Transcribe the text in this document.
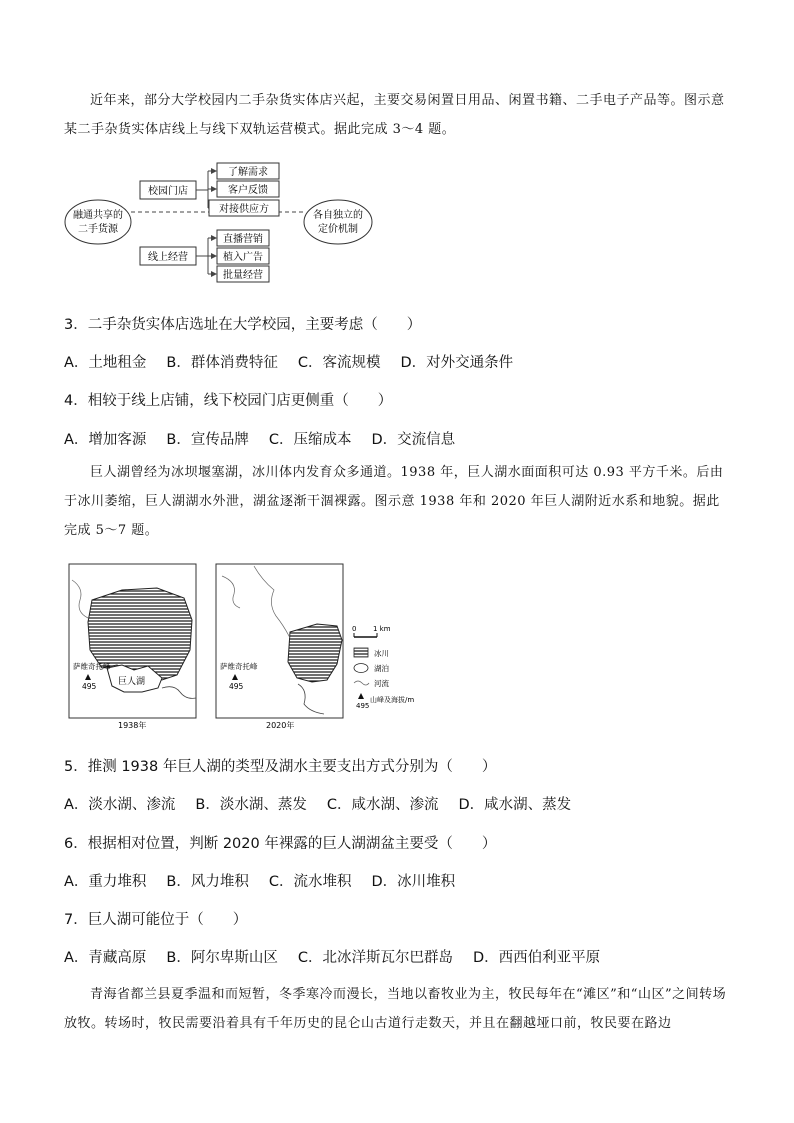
近年来，部分大学校园内二手杂货实体店兴起，主要交易闲置日用品、闲置书籍、二手电子产品等。图示意某二手杂货实体店线上与线下双轨运营模式。据此完成 3～4 题。

融通共享的
二手货源
各自独立的
定价机制
校园门店
了解需求
客户反馈
对接供应方
线上经营
直播营销
植入广告
批量经营

3．二手杂货实体店选址在大学校园，主要考虑（　　）

A．土地租金 B．群体消费特征 C．客流规模 D．对外交通条件

4．相较于线上店铺，线下校园门店更侧重（　　）

A．增加客源 B．宣传品牌 C．压缩成本 D．交流信息

巨人湖曾经为冰坝堰塞湖，冰川体内发育众多通道。1938 年，巨人湖水面面积可达 0.93 平方千米。后由于冰川萎缩，巨人湖湖水外泄，湖盆逐渐干涸裸露。图示意 1938 年和 2020 年巨人湖附近水系和地貌。据此完成 5～7 题。

萨维奇托峰
495 巨人湖
1938年
萨维奇托峰
495
2020年
0 1 km
冰川
湖泊
河流
495
山峰及海拔/m

5．推测 1938 年巨人湖的类型及湖水主要支出方式分别为（　　）

A．淡水湖、渗流 B．淡水湖、蒸发 C．咸水湖、渗流 D．咸水湖、蒸发

6．根据相对位置，判断 2020 年裸露的巨人湖湖盆主要受（　　）

A．重力堆积 B．风力堆积 C．流水堆积 D．冰川堆积

7．巨人湖可能位于（　　）

A．青藏高原 B．阿尔卑斯山区 C．北冰洋斯瓦尔巴群岛 D．西西伯利亚平原

青海省都兰县夏季温和而短暂，冬季寒冷而漫长，当地以畜牧业为主，牧民每年在“滩区”和“山区”之间转场放牧。转场时，牧民需要沿着具有千年历史的昆仑山古道行走数天，并且在翻越垭口前，牧民要在路边
